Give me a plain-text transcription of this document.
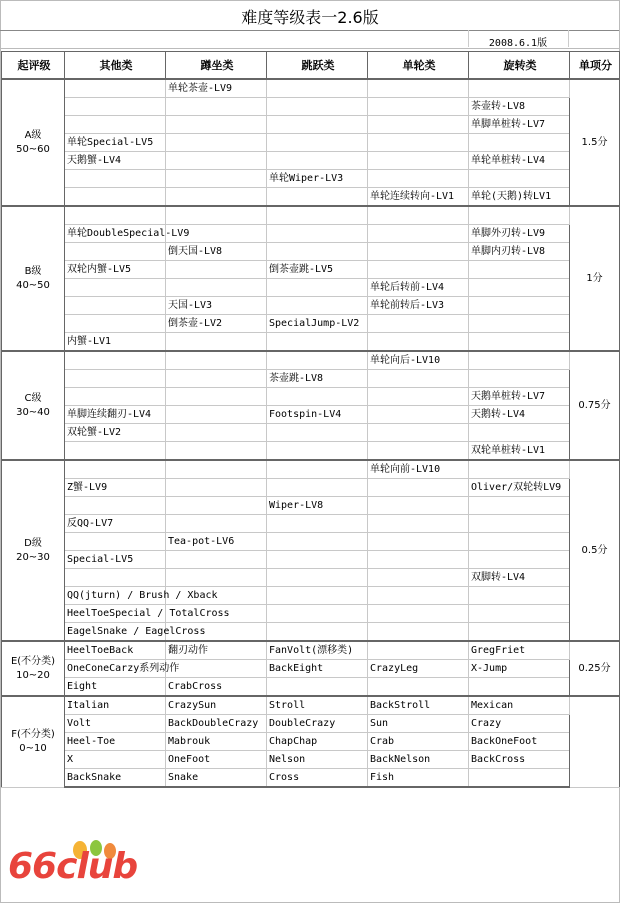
难度等级表一2.6版
2008.6.1版
起评级	其他类	蹲坐类	跳跃类	单轮类	旋转类	单项分

A级
50~60		单轮茶壶-LV9				1.5分
					茶壶转-LV8	
					单脚单桩转-LV7	
	单轮Special-LV5					
	天鹅蟹-LV4				单轮单桩转-LV4	
			单轮Wiper-LV3			
				单轮连续转向-LV1	单轮(天鹅)转LV1	

B级
40~50						1分
	单轮DoubleSpecial-LV9				单脚外刃转-LV9	
		倒天国-LV8			单脚内刃转-LV8	
	双轮内蟹-LV5		倒茶壶跳-LV5			
				单轮后转前-LV4		
		天国-LV3		单轮前转后-LV3		
		倒茶壶-LV2	SpecialJump-LV2			
	内蟹-LV1					

C级
30~40				单轮向后-LV10		0.75分
			茶壶跳-LV8			
					天鹅单桩转-LV7	
	单脚连续翻刃-LV4		Footspin-LV4		天鹅转-LV4	
	双轮蟹-LV2					
					双轮单桩转-LV1	

D级
20~30				单轮向前-LV10		0.5分
	Z蟹-LV9				Oliver/双轮转LV9	
			Wiper-LV8			
	反QQ-LV7					
		Tea-pot-LV6				
	Special-LV5					
					双脚转-LV4	
	QQ(jturn) / Brush / Xback					
	HeelToeSpecial / TotalCross					
	EagelSnake / EagelCross					

E(不分类)
10~20	HeelToeBack	翻刃动作	FanVolt(漂移类)		GregFriet	0.25分
	OneConeCarzy系列动作		BackEight	CrazyLeg	X-Jump	
	Eight	CrabCross				

F(不分类)
0~10	Italian	CrazySun	Stroll	BackStroll	Mexican	
	Volt	BackDoubleCrazy	DoubleCrazy	Sun	Crazy	
	Heel-Toe	Mabrouk	ChapChap	Crab	BackOneFoot	
	X	OneFoot	Nelson	BackNelson	BackCross	
	BackSnake	Snake	Cross	Fish		
66club
